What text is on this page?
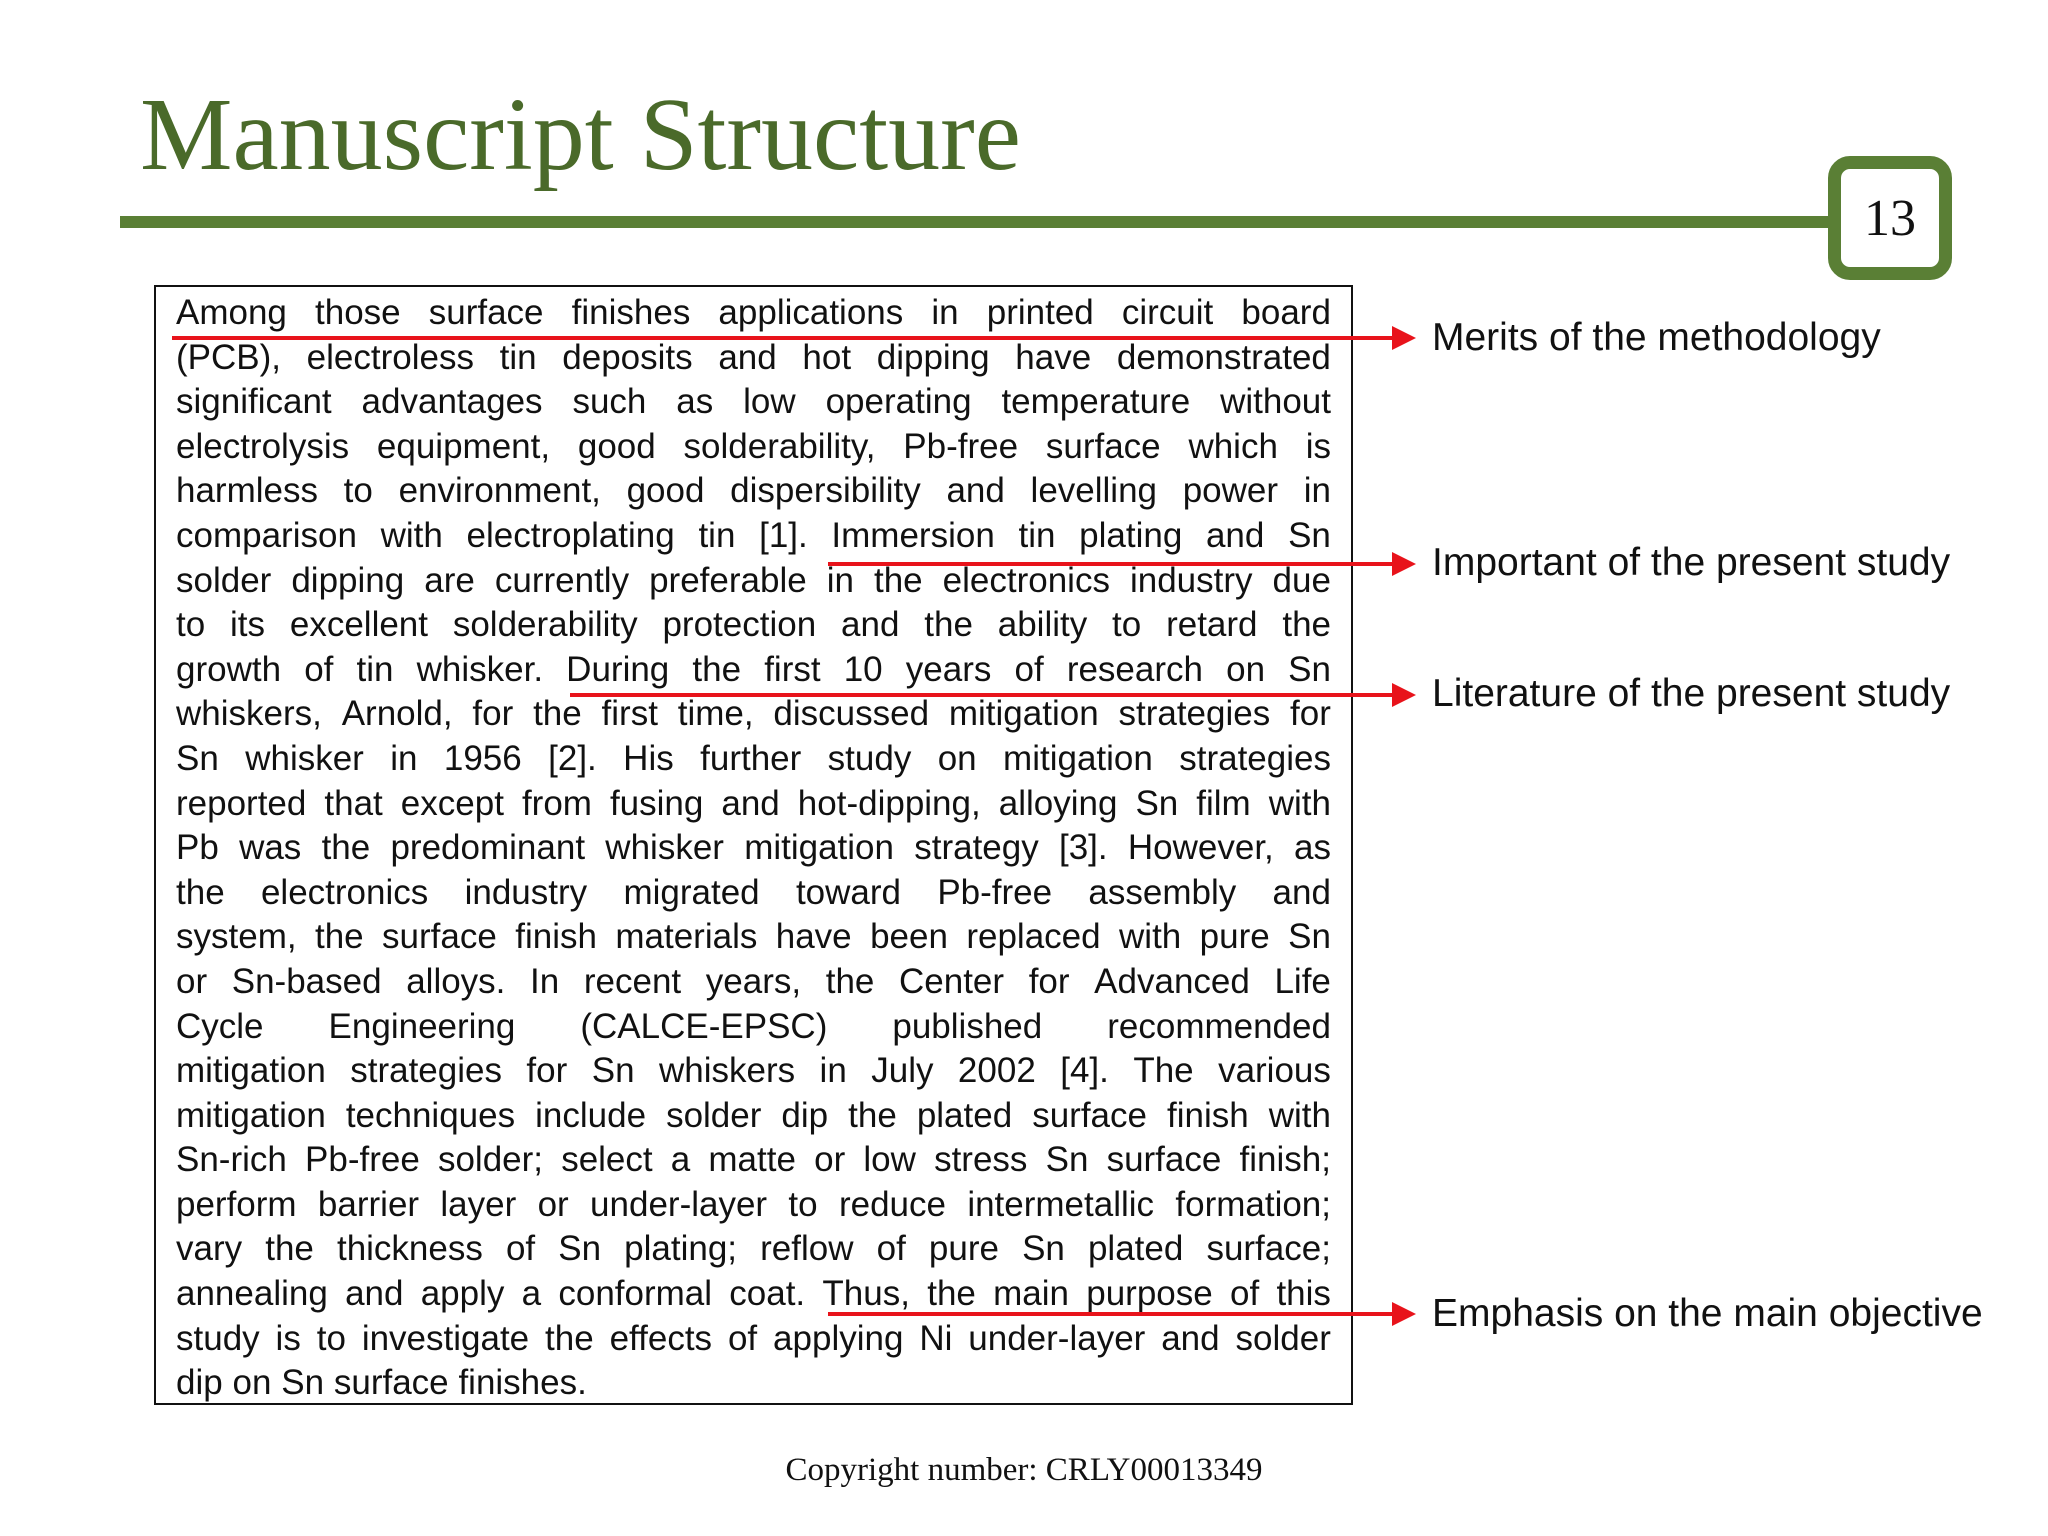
Manuscript Structure
13
Among those surface finishes applications in printed circuit board
(PCB), electroless tin deposits and hot dipping have demonstrated
significant advantages such as low operating temperature without
electrolysis equipment, good solderability, Pb-free surface which is
harmless to environment, good dispersibility and levelling power in
comparison with electroplating tin [1]. Immersion tin plating and Sn
solder dipping are currently preferable in the electronics industry due
to its excellent solderability protection and the ability to retard the
growth of tin whisker. During the first 10 years of research on Sn
whiskers, Arnold, for the first time, discussed mitigation strategies for
Sn whisker in 1956 [2]. His further study on mitigation strategies
reported that except from fusing and hot-dipping, alloying Sn film with
Pb was the predominant whisker mitigation strategy [3]. However, as
the electronics industry migrated toward Pb-free assembly and
system, the surface finish materials have been replaced with pure Sn
or Sn-based alloys. In recent years, the Center for Advanced Life
Cycle Engineering (CALCE-EPSC) published recommended
mitigation strategies for Sn whiskers in July 2002 [4]. The various
mitigation techniques include solder dip the plated surface finish with
Sn-rich Pb-free solder; select a matte or low stress Sn surface finish;
perform barrier layer or under-layer to reduce intermetallic formation;
vary the thickness of Sn plating; reflow of pure Sn plated surface;
annealing and apply a conformal coat. Thus, the main purpose of this
study is to investigate the effects of applying Ni under-layer and solder
dip on Sn surface finishes.
Merits of the methodology
Important of the present study
Literature of the present study
Emphasis on the main objective
Copyright number: CRLY00013349
